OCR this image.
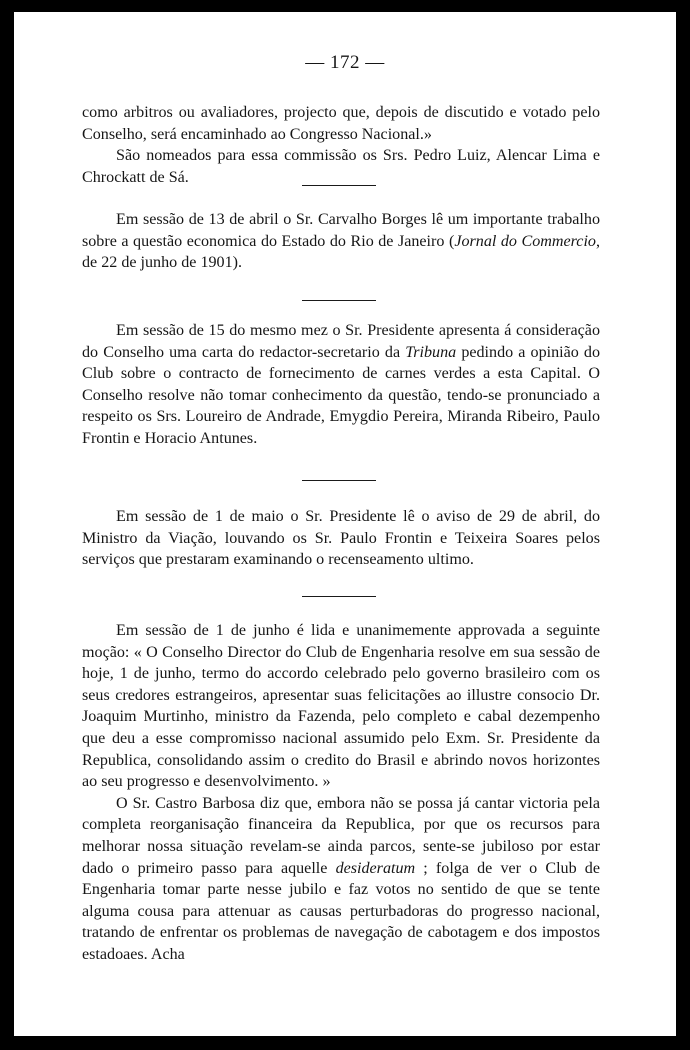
— 172 —

como arbitros ou avaliadores, projecto que, depois de discutido e votado pelo Conselho, será encaminhado ao Congresso Nacional.»

São nomeados para essa commissão os Srs. Pedro Luiz, Alencar Lima e Chrockatt de Sá.

Em sessão de 13 de abril o Sr. Carvalho Borges lê um importante trabalho sobre a questão economica do Estado do Rio de Janeiro (Jornal do Commercio, de 22 de junho de 1901).

Em sessão de 15 do mesmo mez o Sr. Presidente apresenta á consideração do Conselho uma carta do redactor-secretario da Tribuna pedindo a opinião do Club sobre o contracto de fornecimento de carnes verdes a esta Capital. O Conselho resolve não tomar conhecimento da questão, tendo-se pronunciado a respeito os Srs. Loureiro de Andrade, Emygdio Pereira, Miranda Ribeiro, Paulo Frontin e Horacio Antunes.

Em sessão de 1 de maio o Sr. Presidente lê o aviso de 29 de abril, do Ministro da Viação, louvando os Sr. Paulo Frontin e Teixeira Soares pelos serviços que prestaram examinando o recenseamento ultimo.

Em sessão de 1 de junho é lida e unanimemente approvada a seguinte moção: « O Conselho Director do Club de Engenharia resolve em sua sessão de hoje, 1 de junho, termo do accordo celebrado pelo governo brasileiro com os seus credores estrangeiros, apresentar suas felicitações ao illustre consocio Dr. Joaquim Murtinho, ministro da Fazenda, pelo completo e cabal dezempenho que deu a esse compromisso nacional assumido pelo Exm. Sr. Presidente da Republica, consolidando assim o credito do Brasil e abrindo novos horizontes ao seu progresso e desenvolvimento. »

O Sr. Castro Barbosa diz que, embora não se possa já cantar victoria pela completa reorganisação financeira da Republica, por que os recursos para melhorar nossa situação revelam-se ainda parcos, sente-se jubiloso por estar dado o primeiro passo para aquelle desideratum ; folga de ver o Club de Engenharia tomar parte nesse jubilo e faz votos no sentido de que se tente alguma cousa para attenuar as causas perturbadoras do progresso nacional, tratando de enfrentar os problemas de navegação de cabotagem e dos impostos estadoaes. Acha
